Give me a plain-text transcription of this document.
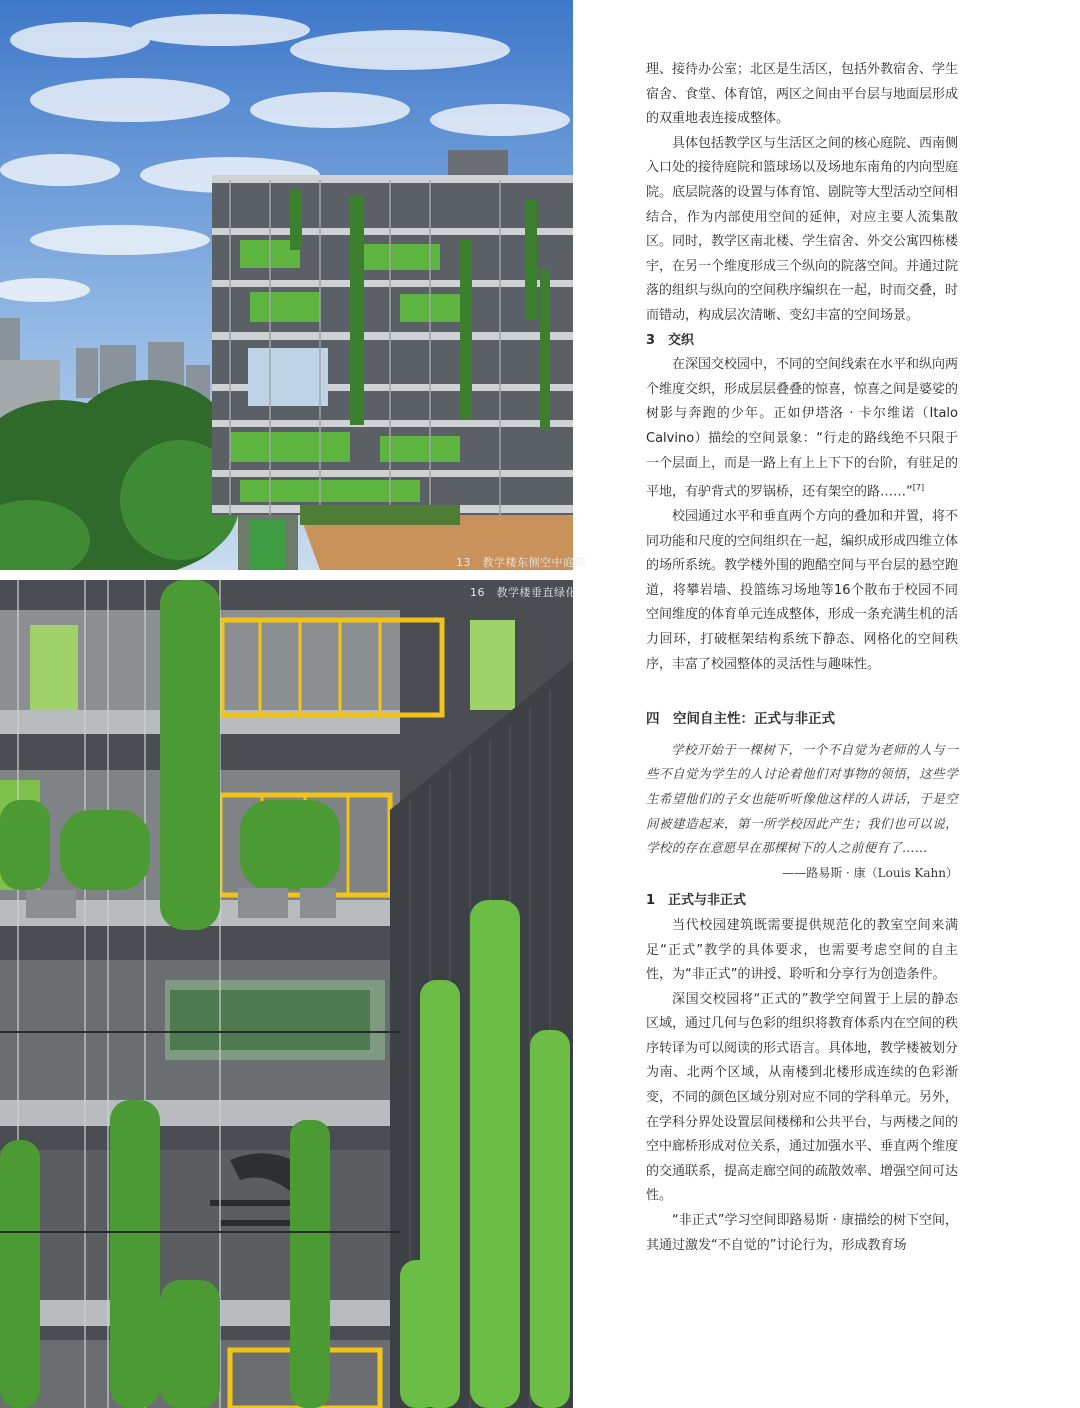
13　教学楼东侧空中庭院
16　教学楼垂直绿化

理、接待办公室；北区是生活区，包括外教宿舍、学生宿舍、食堂、体育馆，两区之间由平台层与地面层形成的双重地表连接成整体。

具体包括教学区与生活区之间的核心庭院、西南侧入口处的接待庭院和篮球场以及场地东南角的内向型庭院。底层院落的设置与体育馆、剧院等大型活动空间相结合，作为内部使用空间的延伸，对应主要人流集散区。同时，教学区南北楼、学生宿舍、外交公寓四栋楼宇，在另一个维度形成三个纵向的院落空间。并通过院落的组织与纵向的空间秩序编织在一起，时而交叠，时而错动，构成层次清晰、变幻丰富的空间场景。

3　交织

在深国交校园中，不同的空间线索在水平和纵向两个维度交织，形成层层叠叠的惊喜，惊喜之间是婆娑的树影与奔跑的少年。正如伊塔洛 · 卡尔维诺（Italo Calvino）描绘的空间景象：“行走的路线绝不只限于一个层面上，而是一路上有上上下下的台阶，有驻足的平地，有驴背式的罗锅桥，还有架空的路……”[7]

校园通过水平和垂直两个方向的叠加和并置，将不同功能和尺度的空间组织在一起，编织成形成四维立体的场所系统。教学楼外围的跑酷空间与平台层的悬空跑道，将攀岩墙、投篮练习场地等16个散布于校园不同空间维度的体育单元连成整体，形成一条充满生机的活力回环，打破框架结构系统下静态、网格化的空间秩序，丰富了校园整体的灵活性与趣味性。

四　空间自主性：正式与非正式

学校开始于一棵树下，一个不自觉为老师的人与一些不自觉为学生的人讨论着他们对事物的领悟，这些学生希望他们的子女也能听听像他这样的人讲话，于是空间被建造起来，第一所学校因此产生；我们也可以说，学校的存在意愿早在那棵树下的人之前便有了……

——路易斯 · 康（Louis Kahn）

1　正式与非正式

当代校园建筑既需要提供规范化的教室空间来满足“正式”教学的具体要求，也需要考虑空间的自主性，为“非正式”的讲授、聆听和分享行为创造条件。

深国交校园将“正式的”教学空间置于上层的静态区域，通过几何与色彩的组织将教育体系内在空间的秩序转译为可以阅读的形式语言。具体地，教学楼被划分为南、北两个区域，从南楼到北楼形成连续的色彩渐变，不同的颜色区域分别对应不同的学科单元。另外，在学科分界处设置层间楼梯和公共平台，与两楼之间的空中廊桥形成对位关系，通过加强水平、垂直两个维度的交通联系，提高走廊空间的疏散效率、增强空间可达性。

“非正式”学习空间即路易斯 · 康描绘的树下空间，其通过激发“不自觉的”讨论行为，形成教育场
